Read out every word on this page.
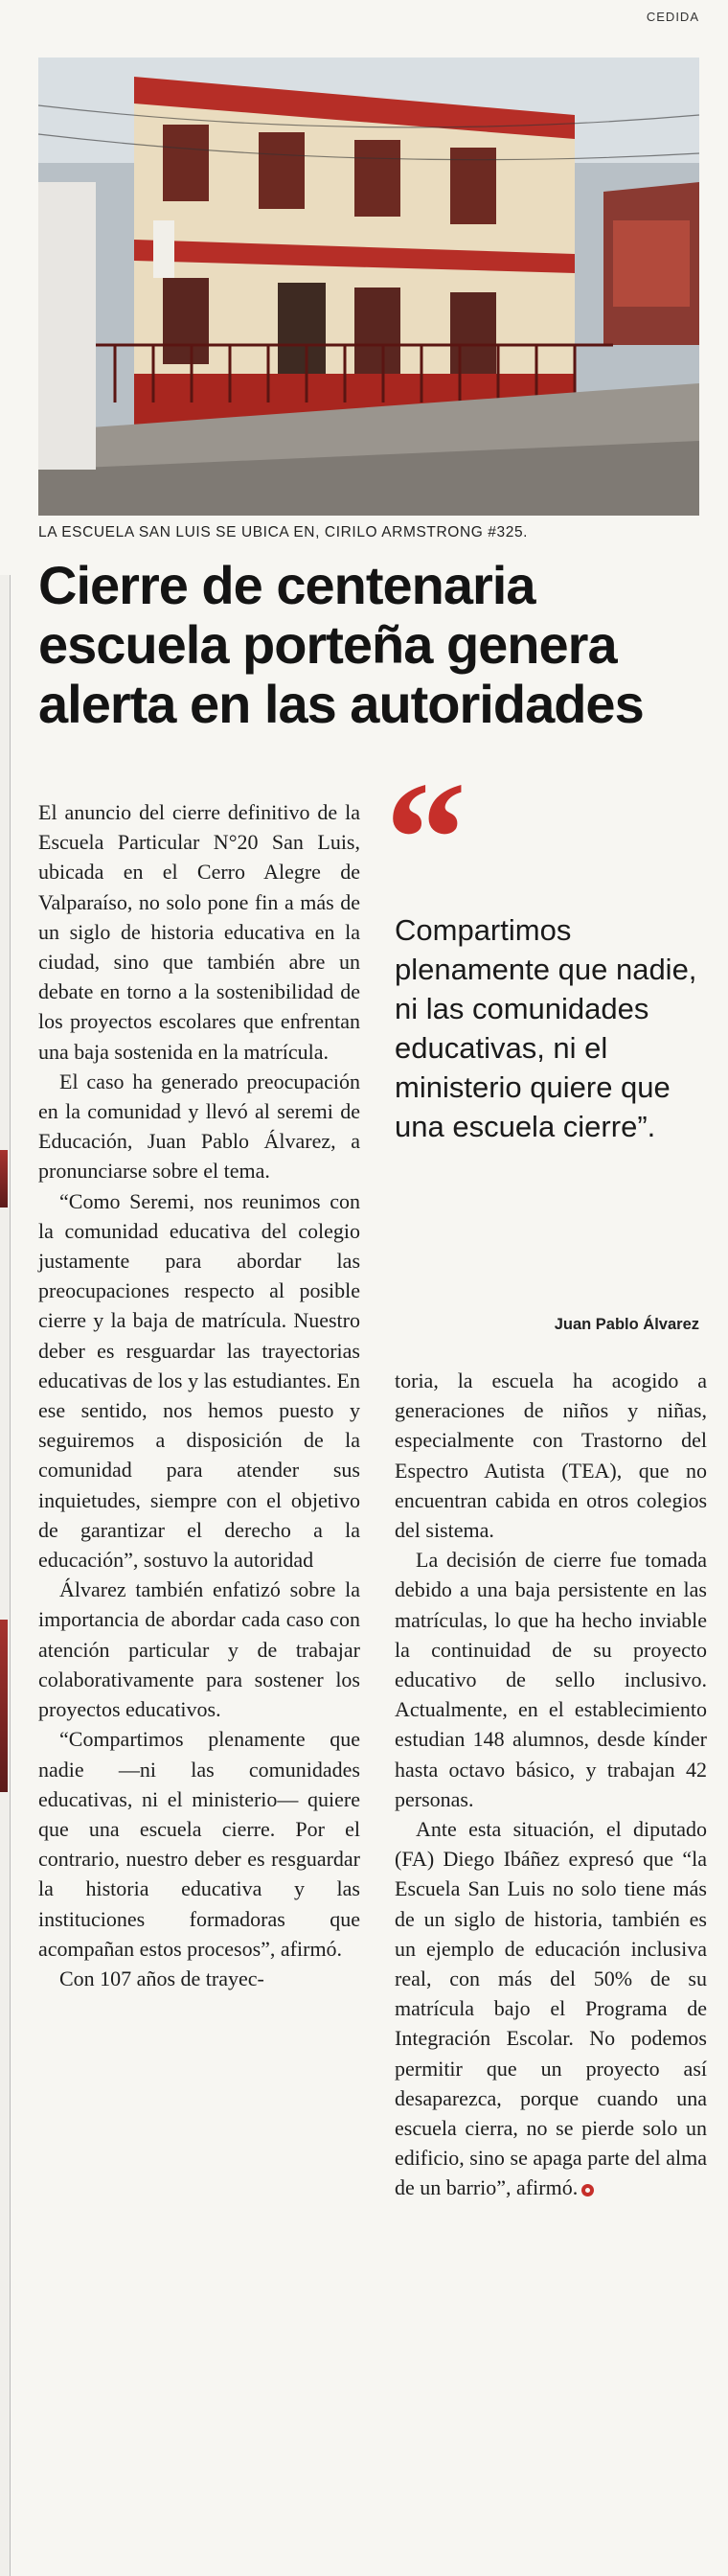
CEDIDA
LA ESCUELA SAN LUIS SE UBICA EN, CIRILO ARMSTRONG #325.
Cierre de centenaria escuela porteña genera alerta en las autoridades

El anuncio del cierre definitivo de la Escuela Particular N°20 San Luis, ubicada en el Cerro Alegre de Valparaíso, no solo pone fin a más de un siglo de historia educativa en la ciudad, sino que también abre un debate en torno a la sostenibilidad de los proyectos escolares que enfrentan una baja sostenida en la matrícula.

El caso ha generado preocupación en la comunidad y llevó al seremi de Educación, Juan Pablo Álvarez, a pronunciarse sobre el tema.

“Como Seremi, nos reunimos con la comunidad educativa del colegio justamente para abordar las preocupaciones respecto al posible cierre y la baja de matrícula. Nuestro deber es resguardar las trayectorias educativas de los y las estudiantes. En ese sentido, nos hemos puesto y seguiremos a disposición de la comunidad para atender sus inquietudes, siempre con el objetivo de garantizar el derecho a la educación”, sostuvo la autoridad

Álvarez también enfatizó sobre la importancia de abordar cada caso con atención particular y de trabajar colaborativamente para sostener los proyectos educativos.

“Compartimos plenamente que nadie —ni las comunidades educativas, ni el ministerio— quiere que una escuela cierre. Por el contrario, nuestro deber es resguardar la historia educativa y las instituciones formadoras que acompañan estos procesos”, afirmó.

Con 107 años de trayec-

“
Compartimos plenamente que nadie, ni las comunidades educativas, ni el ministerio quiere que una escuela cierre”.
Juan Pablo Álvarez

toria, la escuela ha acogido a generaciones de niños y niñas, especialmente con Trastorno del Espectro Autista (TEA), que no encuentran cabida en otros colegios del sistema.

La decisión de cierre fue tomada debido a una baja persistente en las matrículas, lo que ha hecho inviable la continuidad de su proyecto educativo de sello inclusivo. Actualmente, en el establecimiento estudian 148 alumnos, desde kínder hasta octavo básico, y trabajan 42 personas.

Ante esta situación, el diputado (FA) Diego Ibáñez expresó que “la Escuela San Luis no solo tiene más de un siglo de historia, también es un ejemplo de educación inclusiva real, con más del 50% de su matrícula bajo el Programa de Integración Escolar. No podemos permitir que un proyecto así desaparezca, porque cuando una escuela cierra, no se pierde solo un edificio, sino se apaga parte del alma de un barrio”, afirmó.
